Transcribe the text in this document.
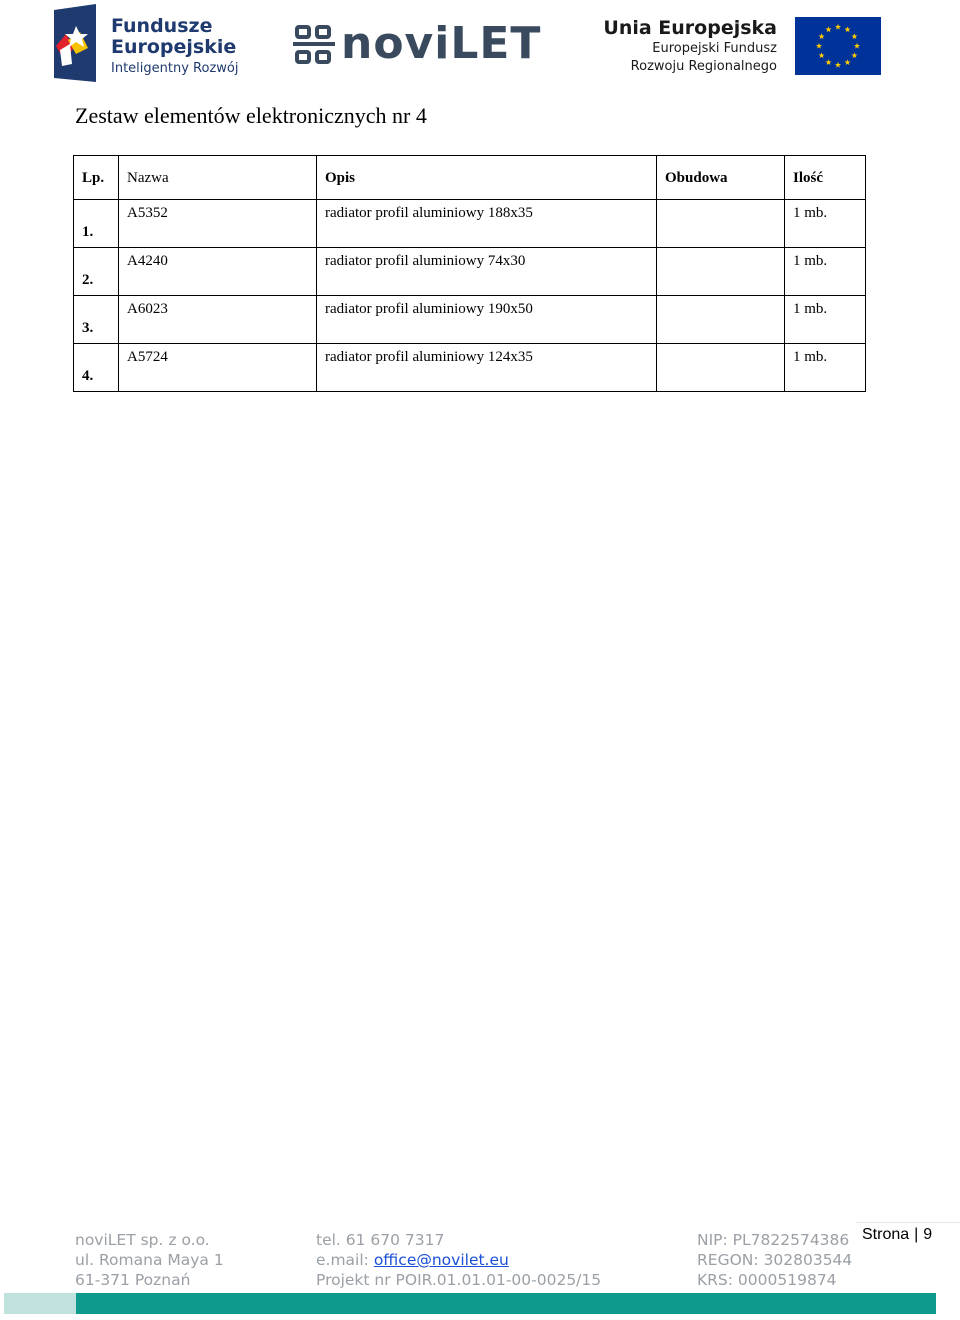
Fundusze
Europejskie
Inteligentny Rozwój noviLET	Unia Europejska
Europejski Fundusz
Rozwoju Regionalnego
Zestaw elementów elektronicznych nr 4
Lp.	Nazwa	Opis	Obudowa	Ilość
1.	A5352	radiator profil aluminiowy 188x35		1 mb.
2.	A4240	radiator profil aluminiowy 74x30		1 mb.
3.	A6023	radiator profil aluminiowy 190x50		1 mb.
4.	A5724	radiator profil aluminiowy 124x35		1 mb.
noviLET sp. z o.o.
ul. Romana Maya 1
61-371 Poznań
tel. 61 670 7317
e.mail: office@novilet.eu
Projekt nr POIR.01.01.01-00-0025/15
NIP: PL7822574386
REGON: 302803544
KRS: 0000519874
Strona | 9
